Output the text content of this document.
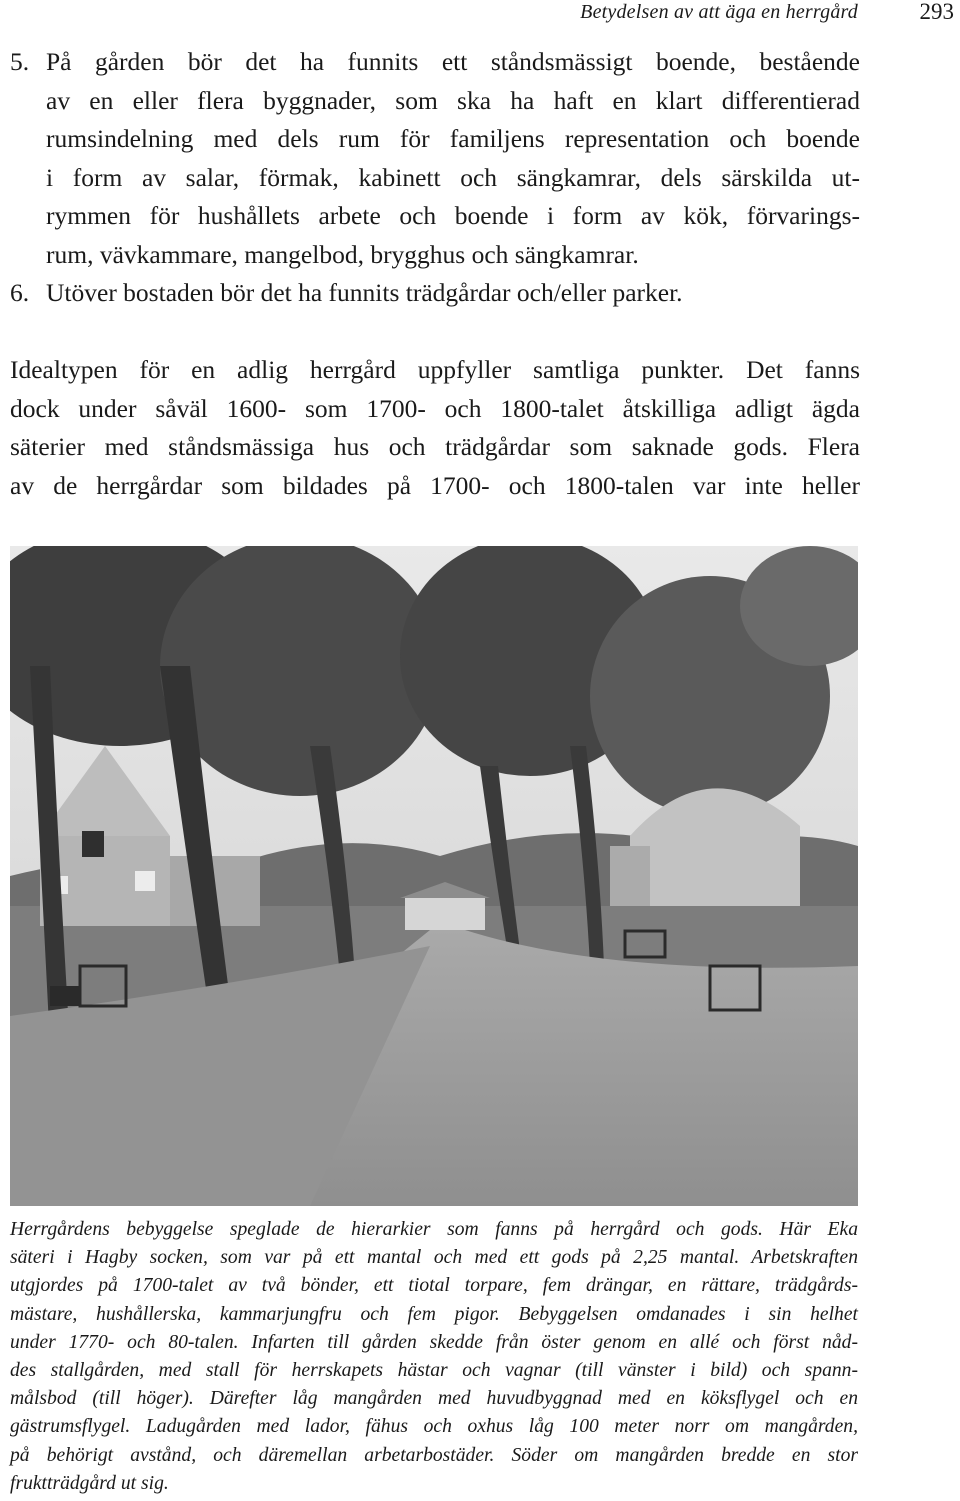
Betydelsen av att äga en herrgård	293
5. På gården bör det ha funnits ett ståndsmässigt boende, bestående
av en eller flera byggnader, som ska ha haft en klart differentierad
rumsindelning med dels rum för familjens representation och boende
i form av salar, förmak, kabinett och sängkamrar, dels särskilda ut-
rymmen för hushållets arbete och boende i form av kök, förvarings-
rum, vävkammare, mangelbod, brygghus och sängkamrar.
6. Utöver bostaden bör det ha funnits trädgårdar och/eller parker.
Idealtypen för en adlig herrgård uppfyller samtliga punkter. Det fanns
dock under såväl 1600- som 1700- och 1800-talet åtskilliga adligt ägda
säterier med ståndsmässiga hus och trädgårdar som saknade gods. Flera
av de herrgårdar som bildades på 1700- och 1800-talen var inte heller
Herrgårdens bebyggelse speglade de hierarkier som fanns på herrgård och gods. Här Eka
säteri i Hagby socken, som var på ett mantal och med ett gods på 2,25 mantal. Arbetskraften
utgjordes på 1700-talet av två bönder, ett tiotal torpare, fem drängar, en rättare, trädgårds-
mästare, hushållerska, kammarjungfru och fem pigor. Bebyggelsen omdanades i sin helhet
under 1770- och 80-talen. Infarten till gården skedde från öster genom en allé och först nåd-
des stallgården, med stall för herrskapets hästar och vagnar (till vänster i bild) och spann-
målsbod (till höger). Därefter låg mangården med huvudbyggnad med en köksflygel och en
gästrumsflygel. Ladugården med lador, fähus och oxhus låg 100 meter norr om mangården,
på behörigt avstånd, och däremellan arbetarbostäder. Söder om mangården bredde en stor
fruktträdgård ut sig.
